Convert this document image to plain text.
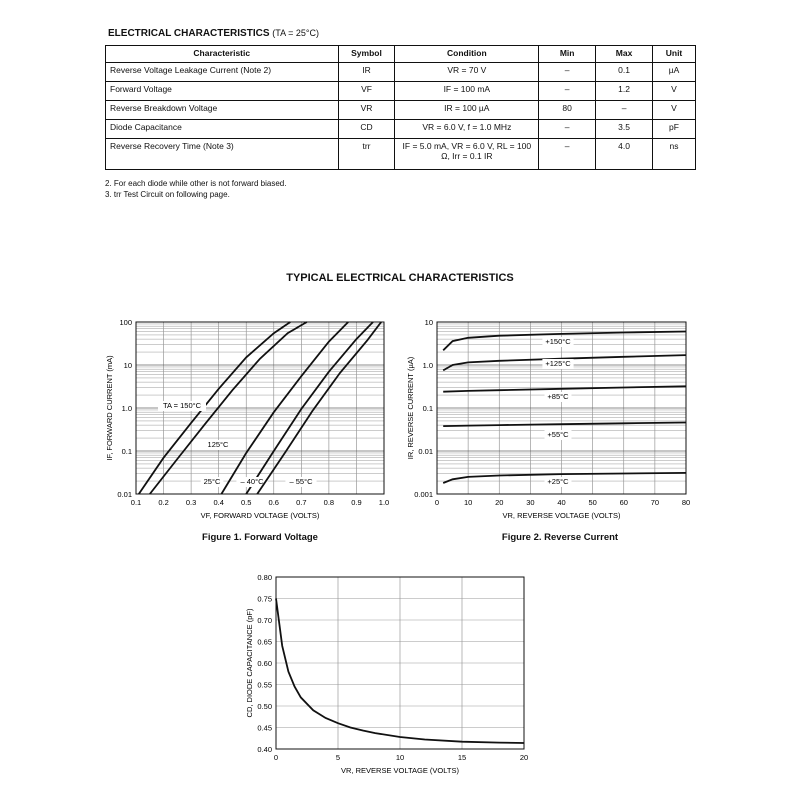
ELECTRICAL CHARACTERISTICS (TA = 25°C)
Characteristic	Symbol	Condition	Min	Max	Unit
Reverse Voltage Leakage Current (Note 2)	IR	VR = 70 V	–	0.1	µA
Forward Voltage	VF	IF = 100 mA	–	1.2	V
Reverse Breakdown Voltage	VR	IR = 100 µA	80	–	V
Diode Capacitance	CD	VR = 6.0 V, f = 1.0 MHz	–	3.5	pF
Reverse Recovery Time (Note 3)	trr	IF = 5.0 mA, VR = 6.0 V, RL = 100 Ω, Irr = 0.1 IR	–	4.0	ns
2. For each diode while other is not forward biased.
3. trr Test Circuit on following page.
TYPICAL ELECTRICAL CHARACTERISTICS
0.1 0.2 0.3 0.4 0.5 0.6 0.7 0.8 0.9 1.0
0.01
0.1
1.0
10
100
VF, FORWARD VOLTAGE (VOLTS)
IF, FORWARD CURRENT (mA)	TA = 150°C
125°C
25°C	– 40°C	– 55°C
Figure 1. Forward Voltage
0	10	20	30	40	50	60	70	80
0.001
0.01
0.1
1.0
10
VR, REVERSE VOLTAGE (VOLTS)
IR, REVERSE CURRENT (µA)
+150°C
+125°C
+85°C
+55°C
+25°C
Figure 2. Reverse Current
0	5	10	15	20
0.40
0.45
0.50
0.55
0.60
0.65
0.70
0.75
0.80
VR, REVERSE VOLTAGE (VOLTS)
CD, DIODE CAPACITANCE (pF)
